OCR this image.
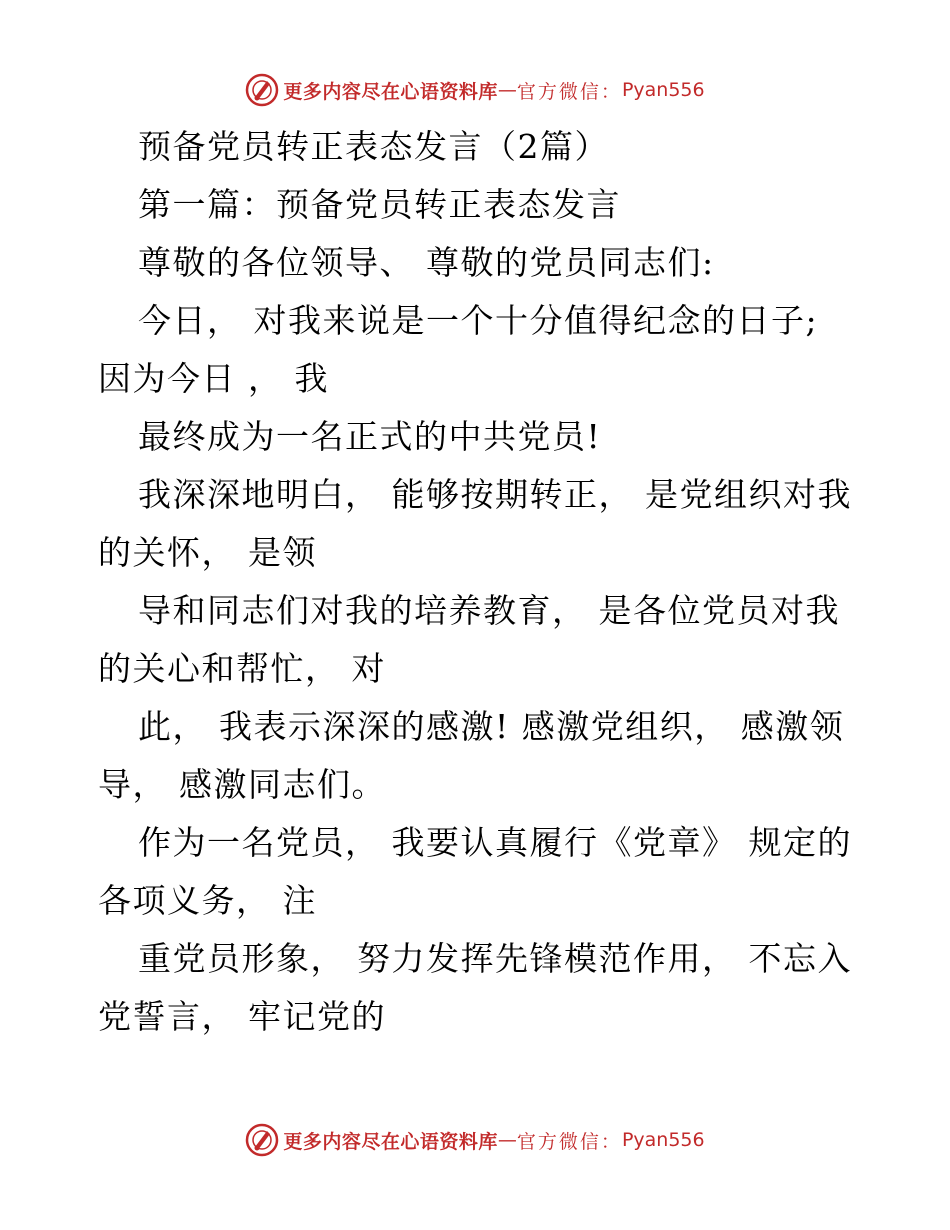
更多内容尽在心语资料库 — 官方微信： Pyan556
预备党员转正表态发言（2篇）
第一篇：预备党员转正表态发言
尊敬的各位领导、 尊敬的党员同志们:
今日， 对我来说是一个十分值得纪念的日子;
因为今日 ， 我
最终成为一名正式的中共党员!
我深深地明白， 能够按期转正， 是党组织对我
的关怀， 是领
导和同志们对我的培养教育， 是各位党员对我
的关心和帮忙， 对
此， 我表示深深的感激! 感激党组织， 感激领
导， 感激同志们。
作为一名党员， 我要认真履行《党章》 规定的
各项义务， 注
重党员形象， 努力发挥先锋模范作用， 不忘入
党誓言， 牢记党的
更多内容尽在心语资料库 — 官方微信： Pyan556
